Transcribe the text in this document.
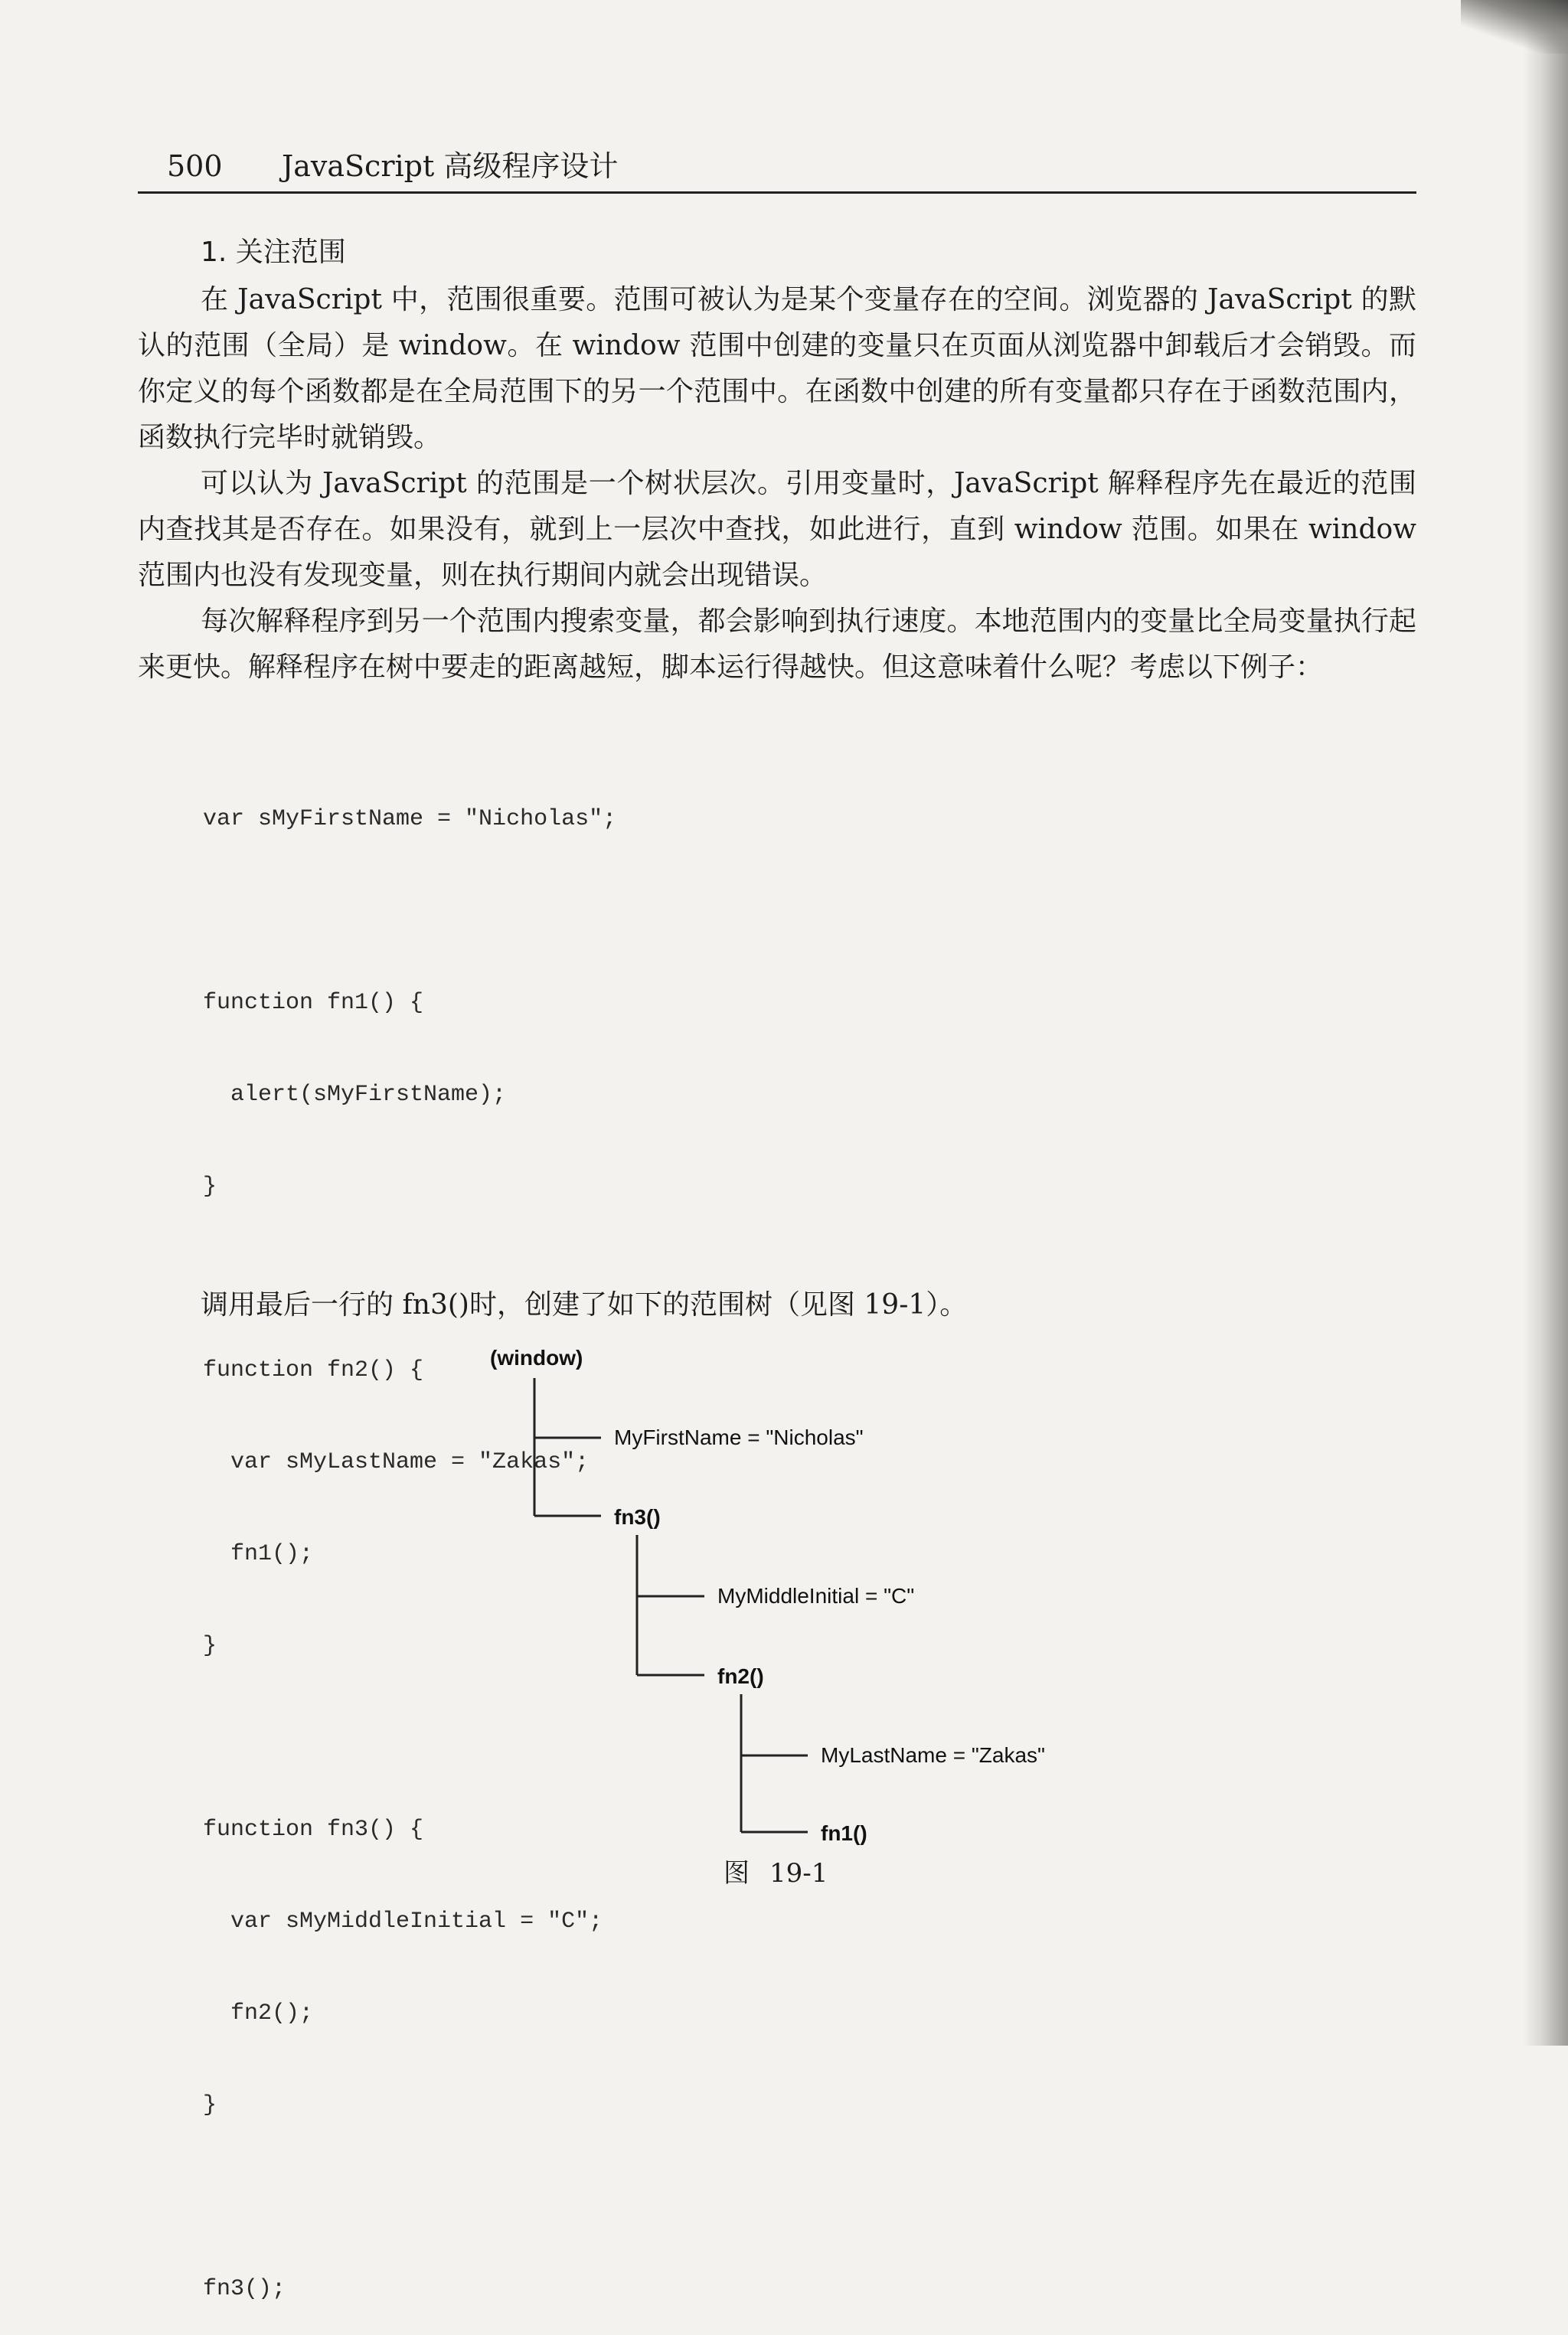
500 JavaScript 高级程序设计
1. 关注范围
在 JavaScript 中，范围很重要。范围可被认为是某个变量存在的空间。浏览器的 JavaScript 的默认的范围（全局）是 window。在 window 范围中创建的变量只在页面从浏览器中卸载后才会销毁。而你定义的每个函数都是在全局范围下的另一个范围中。在函数中创建的所有变量都只存在于函数范围内，函数执行完毕时就销毁。
可以认为 JavaScript 的范围是一个树状层次。引用变量时，JavaScript 解释程序先在最近的范围内查找其是否存在。如果没有，就到上一层次中查找，如此进行，直到 window 范围。如果在 window 范围内也没有发现变量，则在执行期间内就会出现错误。
每次解释程序到另一个范围内搜索变量，都会影响到执行速度。本地范围内的变量比全局变量执行起来更快。解释程序在树中要走的距离越短，脚本运行得越快。但这意味着什么呢？考虑以下例子：

var sMyFirstName = "Nicholas";

function fn1() {

alert(sMyFirstName);

}

function fn2() {

var sMyLastName = "Zakas";

fn1();

}

function fn3() {

var sMyMiddleInitial = "C";

fn2();

}

fn3();

调用最后一行的 fn3()时，创建了如下的范围树（见图 19-1）。
(window)
MyFirstName = "Nicholas"
fn3()
MyMiddleInitial = "C"
fn2()
MyLastName = "Zakas"
fn1()
图 19-1
